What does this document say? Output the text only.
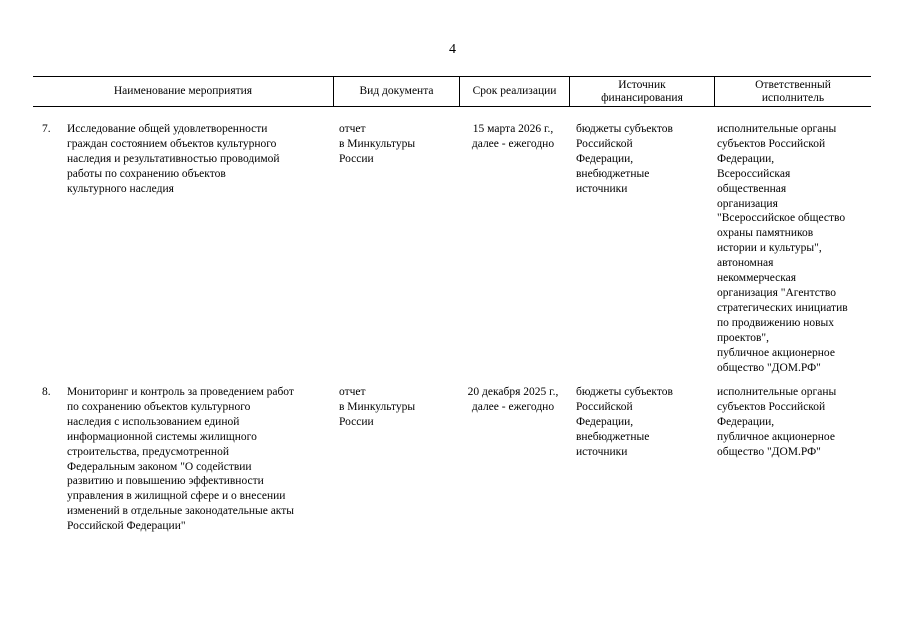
4
Наименование мероприятия	Вид документа	Срок реализации
Источник
финансирования
Ответственный
исполнитель
7. Исследование общей удовлетворенности
граждан состоянием объектов культурного
наследия и результативностью проводимой
работы по сохранению объектов
культурного наследия
отчет
в Минкультуры
России
15 марта 2026 г.,
далее - ежегодно
бюджеты субъектов
Российской
Федерации,
внебюджетные
источники
исполнительные органы
субъектов Российской
Федерации,
Всероссийская
общественная
организация
"Всероссийское общество
охраны памятников
истории и культуры",
автономная
некоммерческая
организация "Агентство
стратегических инициатив
по продвижению новых
проектов",
публичное акционерное
общество "ДОМ.РФ"
8. Мониторинг и контроль за проведением работ
по сохранению объектов культурного
наследия с использованием единой
информационной системы жилищного
строительства, предусмотренной
Федеральным законом "О содействии
развитию и повышению эффективности
управления в жилищной сфере и о внесении
изменений в отдельные законодательные акты
Российской Федерации"
отчет
в Минкультуры
России
20 декабря 2025 г.,
далее - ежегодно
бюджеты субъектов
Российской
Федерации,
внебюджетные
источники
исполнительные органы
субъектов Российской
Федерации,
публичное акционерное
общество "ДОМ.РФ"
